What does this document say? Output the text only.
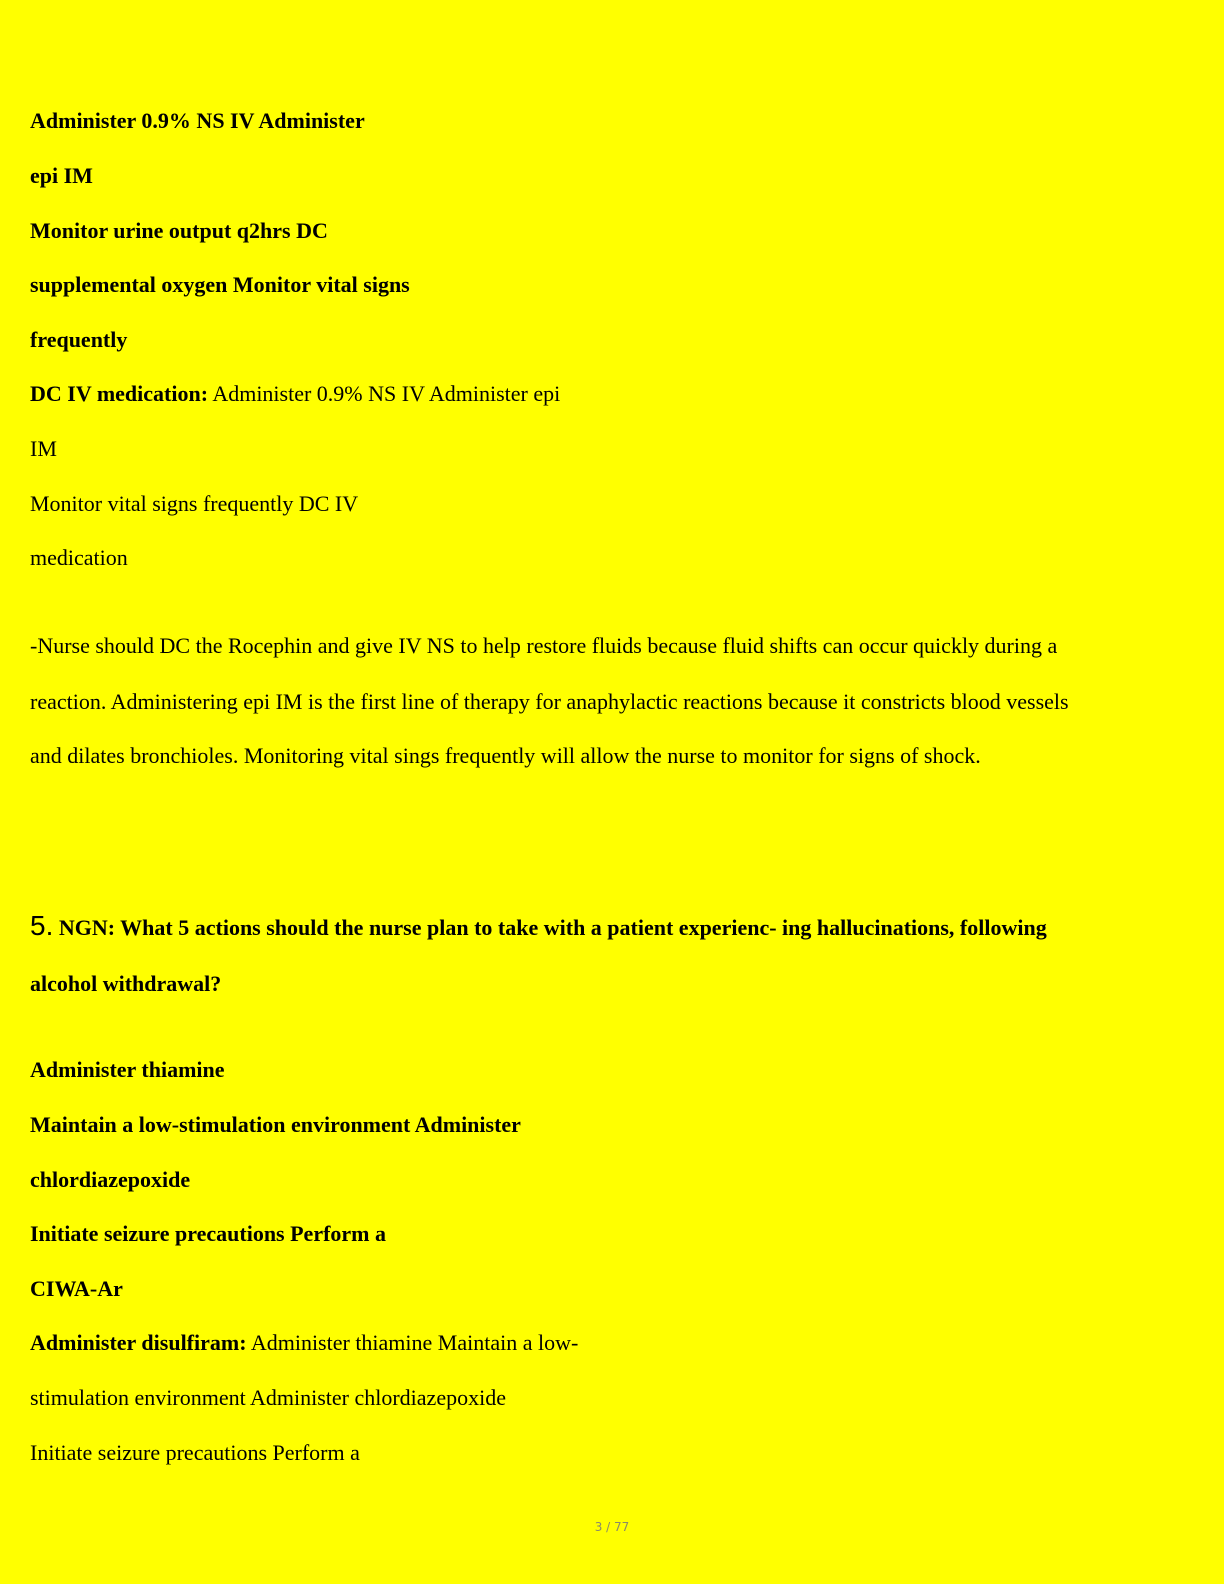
Administer 0.9% NS IV Administer

epi IM

Monitor urine output q2hrs DC

supplemental oxygen Monitor vital signs

frequently

DC IV medication: Administer 0.9% NS IV Administer epi

IM

Monitor vital signs frequently DC IV

medication

-Nurse should DC the Rocephin and give IV NS to help restore fluids because fluid shifts can occur quickly during a

reaction. Administering epi IM is the first line of therapy for anaphylactic reactions because it constricts blood vessels

and dilates bronchioles. Monitoring vital sings frequently will allow the nurse to monitor for signs of shock.

5. NGN: What 5 actions should the nurse plan to take with a patient experienc- ing hallucinations, following

alcohol withdrawal?

Administer thiamine

Maintain a low-stimulation environment Administer

chlordiazepoxide

Initiate seizure precautions Perform a

CIWA-Ar

Administer disulfiram: Administer thiamine Maintain a low-

stimulation environment Administer chlordiazepoxide

Initiate seizure precautions Perform a

3 / 77
